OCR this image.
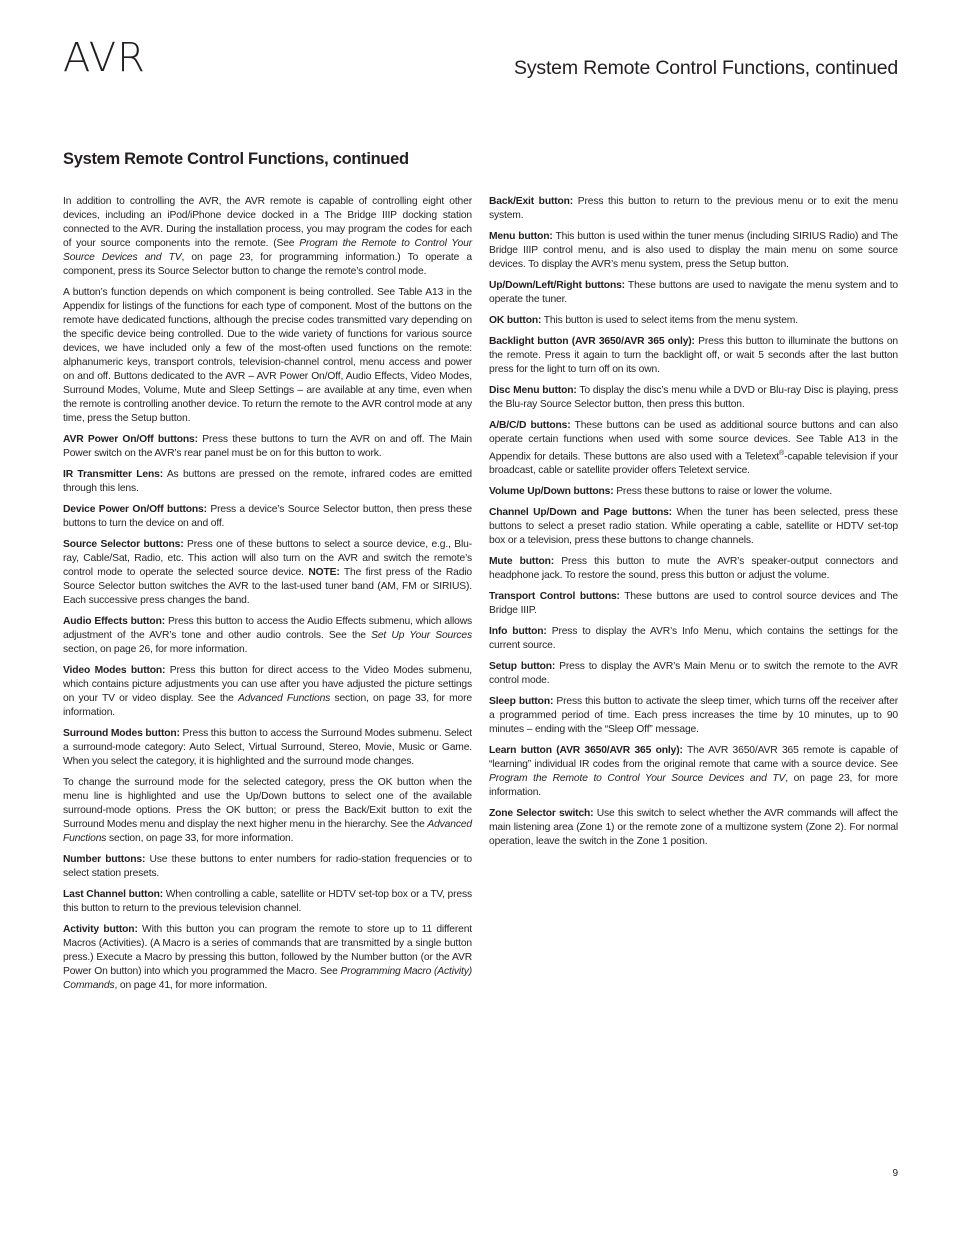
AVR	System Remote Control Functions, continued
System Remote Control Functions, continued

In addition to controlling the AVR, the AVR remote is capable of controlling eight other devices, including an iPod/iPhone device docked in a The Bridge IIIP docking station connected to the AVR. During the installation process, you may program the codes for each of your source components into the remote. (See Program the Remote to Control Your Source Devices and TV, on page 23, for programming information.) To operate a component, press its Source Selector button to change the remote’s control mode.

A button’s function depends on which component is being controlled. See Table A13 in the Appendix for listings of the functions for each type of component. Most of the buttons on the remote have dedicated functions, although the precise codes transmitted vary depending on the specific device being controlled. Due to the wide variety of functions for various source devices, we have included only a few of the most-often used functions on the remote: alphanumeric keys, transport controls, television-channel control, menu access and power on and off. Buttons dedicated to the AVR – AVR Power On/Off, Audio Effects, Video Modes, Surround Modes, Volume, Mute and Sleep Settings – are available at any time, even when the remote is controlling another device. To return the remote to the AVR control mode at any time, press the Setup button.

AVR Power On/Off buttons: Press these buttons to turn the AVR on and off. The Main Power switch on the AVR’s rear panel must be on for this button to work.

IR Transmitter Lens: As buttons are pressed on the remote, infrared codes are emitted through this lens.

Device Power On/Off buttons: Press a device’s Source Selector button, then press these buttons to turn the device on and off.

Source Selector buttons: Press one of these buttons to select a source device, e.g., Blu-ray, Cable/Sat, Radio, etc. This action will also turn on the AVR and switch the remote’s control mode to operate the selected source device. NOTE: The first press of the Radio Source Selector button switches the AVR to the last-used tuner band (AM, FM or SIRIUS). Each successive press changes the band.

Audio Effects button: Press this button to access the Audio Effects submenu, which allows adjustment of the AVR’s tone and other audio controls. See the Set Up Your Sources section, on page 26, for more information.

Video Modes button: Press this button for direct access to the Video Modes submenu, which contains picture adjustments you can use after you have adjusted the picture settings on your TV or video display. See the Advanced Functions section, on page 33, for more information.

Surround Modes button: Press this button to access the Surround Modes submenu. Select a surround-mode category: Auto Select, Virtual Surround, Stereo, Movie, Music or Game. When you select the category, it is highlighted and the surround mode changes.

To change the surround mode for the selected category, press the OK button when the menu line is highlighted and use the Up/Down buttons to select one of the available surround-mode options. Press the OK button; or press the Back/Exit button to exit the Surround Modes menu and display the next higher menu in the hierarchy. See the Advanced Functions section, on page 33, for more information.

Number buttons: Use these buttons to enter numbers for radio-station frequencies or to select station presets.

Last Channel button: When controlling a cable, satellite or HDTV set-top box or a TV, press this button to return to the previous television channel.

Activity button: With this button you can program the remote to store up to 11 different Macros (Activities). (A Macro is a series of commands that are transmitted by a single button press.) Execute a Macro by pressing this button, followed by the Number button (or the AVR Power On button) into which you programmed the Macro. See Programming Macro (Activity) Commands, on page 41, for more information.

Back/Exit button: Press this button to return to the previous menu or to exit the menu system.

Menu button: This button is used within the tuner menus (including SIRIUS Radio) and The Bridge IIIP control menu, and is also used to display the main menu on some source devices. To display the AVR’s menu system, press the Setup button.

Up/Down/Left/Right buttons: These buttons are used to navigate the menu system and to operate the tuner.

OK button: This button is used to select items from the menu system.

Backlight button (AVR 3650/AVR 365 only): Press this button to illuminate the buttons on the remote. Press it again to turn the backlight off, or wait 5 seconds after the last button press for the light to turn off on its own.

Disc Menu button: To display the disc’s menu while a DVD or Blu-ray Disc is playing, press the Blu-ray Source Selector button, then press this button.

A/B/C/D buttons: These buttons can be used as additional source buttons and can also operate certain functions when used with some source devices. See Table A13 in the Appendix for details. These buttons are also used with a Teletext®-capable television if your broadcast, cable or satellite provider offers Teletext service.

Volume Up/Down buttons: Press these buttons to raise or lower the volume.

Channel Up/Down and Page buttons: When the tuner has been selected, press these buttons to select a preset radio station. While operating a cable, satellite or HDTV set-top box or a television, press these buttons to change channels.

Mute button: Press this button to mute the AVR’s speaker-output connectors and headphone jack. To restore the sound, press this button or adjust the volume.

Transport Control buttons: These buttons are used to control source devices and The Bridge IIIP.

Info button: Press to display the AVR’s Info Menu, which contains the settings for the current source.

Setup button: Press to display the AVR’s Main Menu or to switch the remote to the AVR control mode.

Sleep button: Press this button to activate the sleep timer, which turns off the receiver after a programmed period of time. Each press increases the time by 10 minutes, up to 90 minutes – ending with the “Sleep Off” message.

Learn button (AVR 3650/AVR 365 only): The AVR 3650/AVR 365 remote is capable of “learning” individual IR codes from the original remote that came with a source device. See Program the Remote to Control Your Source Devices and TV, on page 23, for more information.

Zone Selector switch: Use this switch to select whether the AVR commands will affect the main listening area (Zone 1) or the remote zone of a multizone system (Zone 2). For normal operation, leave the switch in the Zone 1 position.

9
